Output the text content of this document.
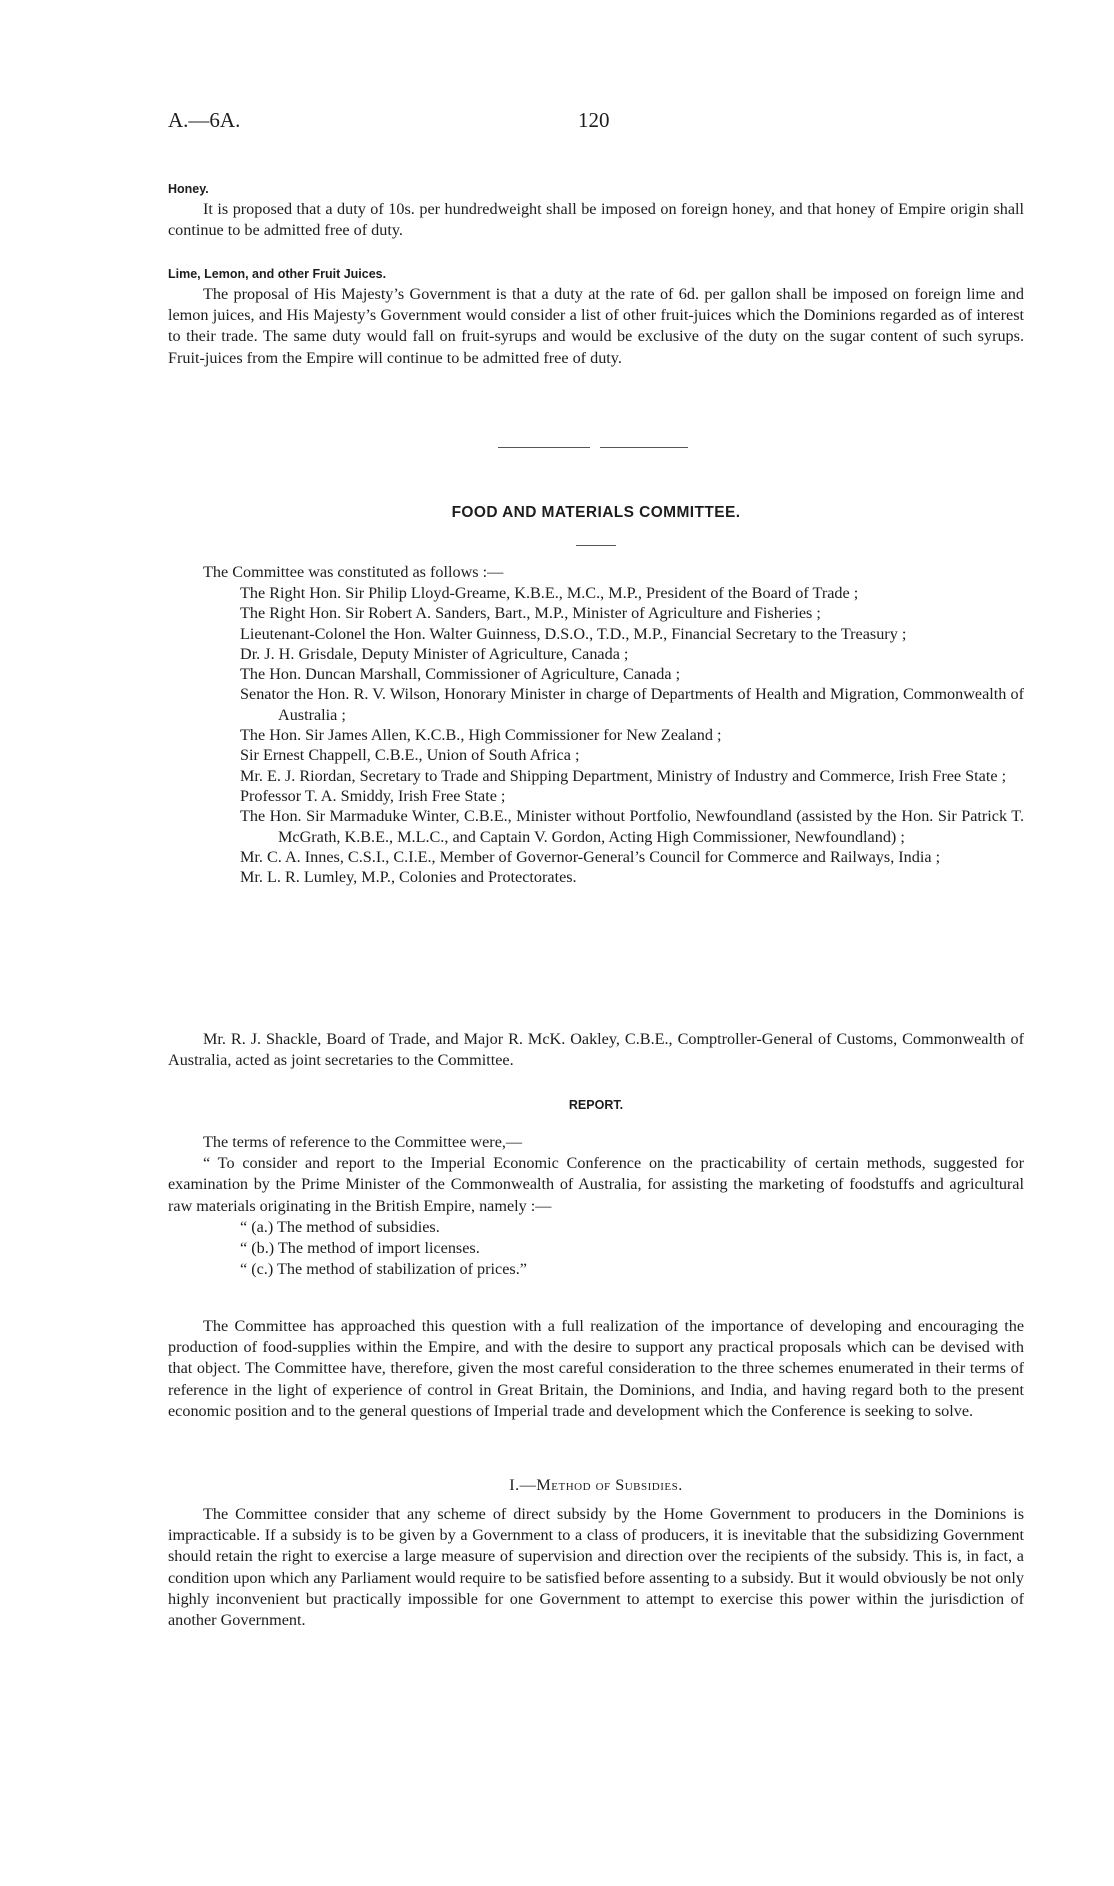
A.—6A.	120
Honey.

It is proposed that a duty of 10s. per hundredweight shall be imposed on foreign honey, and that honey of Empire origin shall continue to be admitted free of duty.

Lime, Lemon, and other Fruit Juices.

The proposal of His Majesty’s Government is that a duty at the rate of 6d. per gallon shall be imposed on foreign lime and lemon juices, and His Majesty’s Government would consider a list of other fruit-juices which the Dominions regarded as of interest to their trade. The same duty would fall on fruit-syrups and would be exclusive of the duty on the sugar content of such syrups. Fruit-juices from the Empire will continue to be admitted free of duty.

FOOD AND MATERIALS COMMITTEE.
The Committee was constituted as follows :—
The Right Hon. Sir Philip Lloyd-Greame, K.B.E., M.C., M.P., President of the Board of Trade ;
The Right Hon. Sir Robert A. Sanders, Bart., M.P., Minister of Agriculture and Fisheries ;
Lieutenant-Colonel the Hon. Walter Guinness, D.S.O., T.D., M.P., Financial Secretary to the Treasury ;
Dr. J. H. Grisdale, Deputy Minister of Agriculture, Canada ;
The Hon. Duncan Marshall, Commissioner of Agriculture, Canada ;
Senator the Hon. R. V. Wilson, Honorary Minister in charge of Departments of Health and Migration, Commonwealth of Australia ;
The Hon. Sir James Allen, K.C.B., High Commissioner for New Zealand ;
Sir Ernest Chappell, C.B.E., Union of South Africa ;
Mr. E. J. Riordan, Secretary to Trade and Shipping Department, Ministry of Industry and Commerce, Irish Free State ;
Professor T. A. Smiddy, Irish Free State ;
The Hon. Sir Marmaduke Winter, C.B.E., Minister without Portfolio, Newfoundland (assisted by the Hon. Sir Patrick T. McGrath, K.B.E., M.L.C., and Captain V. Gordon, Acting High Commissioner, Newfoundland) ;
Mr. C. A. Innes, C.S.I., C.I.E., Member of Governor-General’s Council for Commerce and Railways, India ;
Mr. L. R. Lumley, M.P., Colonies and Protectorates.

Mr. R. J. Shackle, Board of Trade, and Major R. McK. Oakley, C.B.E., Comptroller-General of Customs, Commonwealth of Australia, acted as joint secretaries to the Committee.

REPORT.

The terms of reference to the Committee were,—

“ To consider and report to the Imperial Economic Conference on the practicability of certain methods, suggested for examination by the Prime Minister of the Commonwealth of Australia, for assisting the marketing of foodstuffs and agricultural raw materials originating in the British Empire, namely :—

“ (a.) The method of subsidies.
“ (b.) The method of import licenses.
“ (c.) The method of stabilization of prices.”

The Committee has approached this question with a full realization of the importance of developing and encouraging the production of food-supplies within the Empire, and with the desire to support any practical proposals which can be devised with that object. The Committee have, therefore, given the most careful consideration to the three schemes enumerated in their terms of reference in the light of experience of control in Great Britain, the Dominions, and India, and having regard both to the present economic position and to the general questions of Imperial trade and development which the Conference is seeking to solve.

I.—Method of Subsidies.

The Committee consider that any scheme of direct subsidy by the Home Government to producers in the Dominions is impracticable. If a subsidy is to be given by a Government to a class of producers, it is inevitable that the subsidizing Government should retain the right to exercise a large measure of supervision and direction over the recipients of the subsidy. This is, in fact, a condition upon which any Parliament would require to be satisfied before assenting to a subsidy. But it would obviously be not only highly inconvenient but practically impossible for one Government to attempt to exercise this power within the jurisdiction of another Government.
